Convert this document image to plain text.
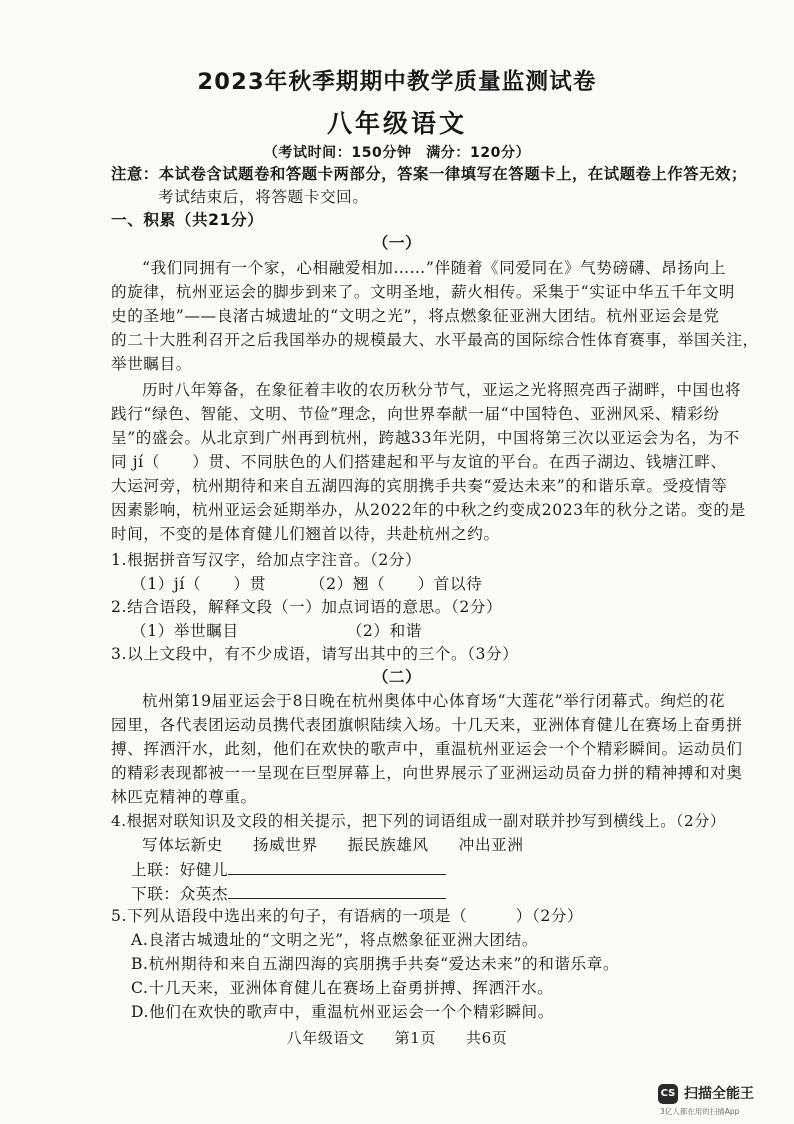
2023年秋季期期中教学质量监测试卷
八年级语文
（考试时间：150分钟　满分：120分）
注意：本试卷含试题卷和答题卡两部分，答案一律填写在答题卡上，在试题卷上作答无效；
考试结束后，将答题卡交回。
一、积累（共21分）
（一）
“我们同拥有一个家，心相融爱相加……”伴随着《同爱同在》气势磅礴、昂扬向上
的旋律，杭州亚运会的脚步到来了。文明圣地，薪火相传。采集于“实证中华五千年文明
史的圣地”——良渚古城遗址的“文明之光”，将点燃象征亚洲大团结。杭州亚运会是党
的二十大胜利召开之后我国举办的规模最大、水平最高的国际综合性体育赛事，举国关注，
举世瞩目。
历时八年筹备，在象征着丰收的农历秋分节气，亚运之光将照亮西子湖畔，中国也将
践行“绿色、智能、文明、节俭”理念，向世界奉献一届“中国特色、亚洲风采、精彩纷
呈”的盛会。从北京到广州再到杭州，跨越33年光阴，中国将第三次以亚运会为名，为不
同 jí（　　）贯、不同肤色的人们搭建起和平与友谊的平台。在西子湖边、钱塘江畔、
大运河旁，杭州期待和来自五湖四海的宾朋携手共奏“爱达未来”的和谐乐章。受疫情等
因素影响，杭州亚运会延期举办，从2022年的中秋之约变成2023年的秋分之诺。变的是
时间，不变的是体育健儿们翘首以待，共赴杭州之约。
1.根据拼音写汉字，给加点字注音。（2分）
（1）jí（　　）贯	（2）翘（　　）首以待
2.结合语段，解释文段（一）加点词语的意思。（2分）
（1）举世瞩目	（2）和谐
3.以上文段中，有不少成语，请写出其中的三个。（3分）
（二）
杭州第19届亚运会于8日晚在杭州奥体中心体育场“大莲花”举行闭幕式。绚烂的花
园里，各代表团运动员携代表团旗帜陆续入场。十几天来，亚洲体育健儿在赛场上奋勇拼
搏、挥洒汗水，此刻，他们在欢快的歌声中，重温杭州亚运会一个个精彩瞬间。运动员们
的精彩表现都被一一呈现在巨型屏幕上，向世界展示了亚洲运动员奋力拼的精神搏和对奥
林匹克精神的尊重。
4.根据对联知识及文段的相关提示，把下列的词语组成一副对联并抄写到横线上。（2分）
写体坛新史 扬威世界 振民族雄风 冲出亚洲
上联：好健儿
下联：众英杰
5.下列从语段中选出来的句子，有语病的一项是（　　　）（2分）
A.良渚古城遗址的“文明之光”，将点燃象征亚洲大团结。
B.杭州期待和来自五湖四海的宾朋携手共奏“爱达未来”的和谐乐章。
C.十几天来，亚洲体育健儿在赛场上奋勇拼搏、挥洒汗水。
D.他们在欢快的歌声中，重温杭州亚运会一个个精彩瞬间。
八年级语文 第1页 共6页
CS 扫描全能王
3亿人都在用的扫描App
